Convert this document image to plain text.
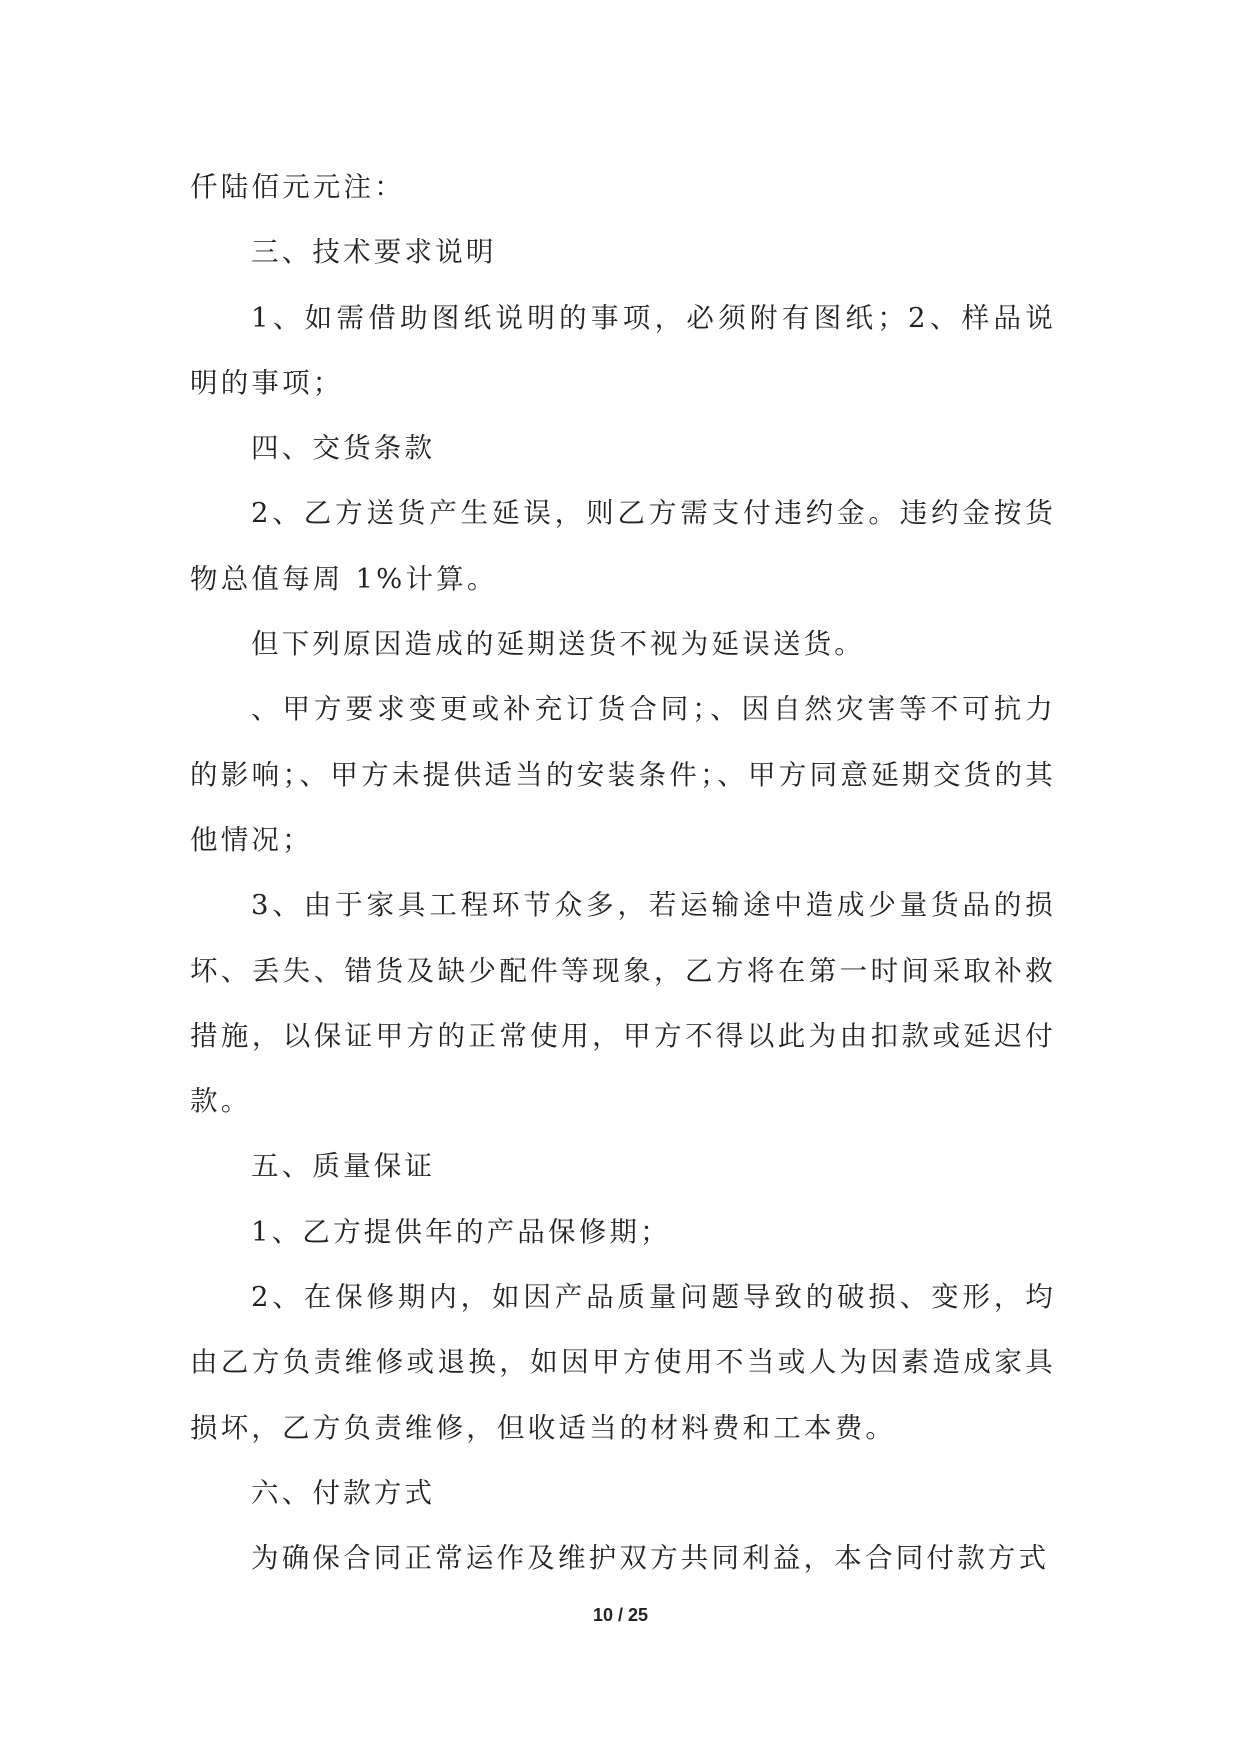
仟陆佰元元注：

三、技术要求说明

1、如需借助图纸说明的事项，必须附有图纸；2、样品说明的事项；

四、交货条款

2、乙方送货产生延误，则乙方需支付违约金。违约金按货物总值每周 1%计算。

但下列原因造成的延期送货不视为延误送货。

、甲方要求变更或补充订货合同；、因自然灾害等不可抗力的影响；、甲方未提供适当的安装条件；、甲方同意延期交货的其他情况；

3、由于家具工程环节众多，若运输途中造成少量货品的损坏、丢失、错货及缺少配件等现象，乙方将在第一时间采取补救措施，以保证甲方的正常使用，甲方不得以此为由扣款或延迟付款。

五、质量保证

1、乙方提供年的产品保修期；

2、在保修期内，如因产品质量问题导致的破损、变形，均由乙方负责维修或退换，如因甲方使用不当或人为因素造成家具损坏，乙方负责维修，但收适当的材料费和工本费。

六、付款方式

为确保合同正常运作及维护双方共同利益，本合同付款方式

10 / 25
